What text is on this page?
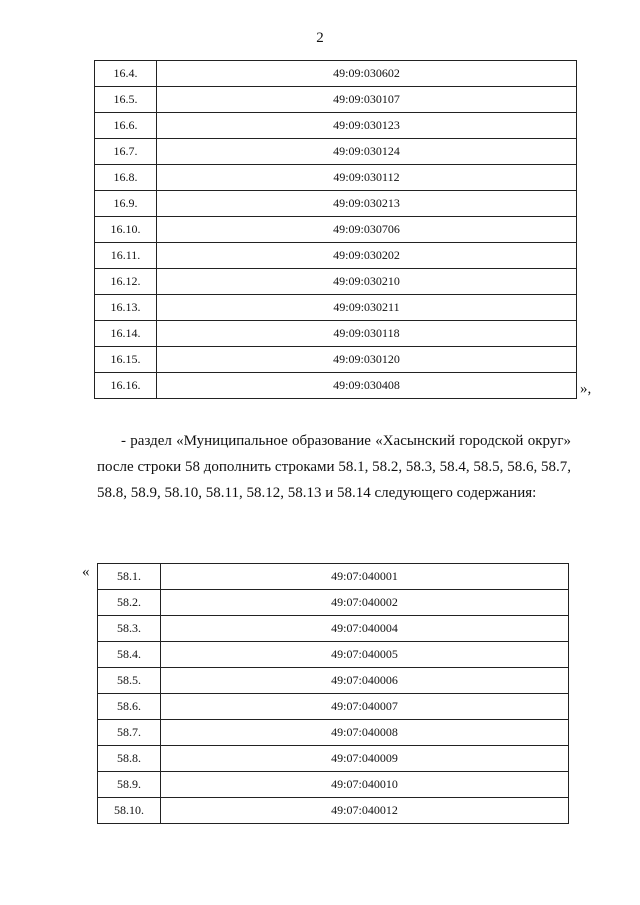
2
16.4.	49:09:030602
16.5.	49:09:030107
16.6.	49:09:030123
16.7.	49:09:030124
16.8.	49:09:030112
16.9.	49:09:030213
16.10.	49:09:030706
16.11.	49:09:030202
16.12.	49:09:030210
16.13.	49:09:030211
16.14.	49:09:030118
16.15.	49:09:030120
16.16.	49:09:030408	»,
- раздел «Муниципальное образование «Хасынский городской округ» после строки 58 дополнить строками 58.1, 58.2, 58.3, 58.4, 58.5, 58.6, 58.7, 58.8, 58.9, 58.10, 58.11, 58.12, 58.13 и 58.14 следующего содержания:
« 58.1.	49:07:040001
58.2.	49:07:040002
58.3.	49:07:040004
58.4.	49:07:040005
58.5.	49:07:040006
58.6.	49:07:040007
58.7.	49:07:040008
58.8.	49:07:040009
58.9.	49:07:040010
58.10.	49:07:040012
